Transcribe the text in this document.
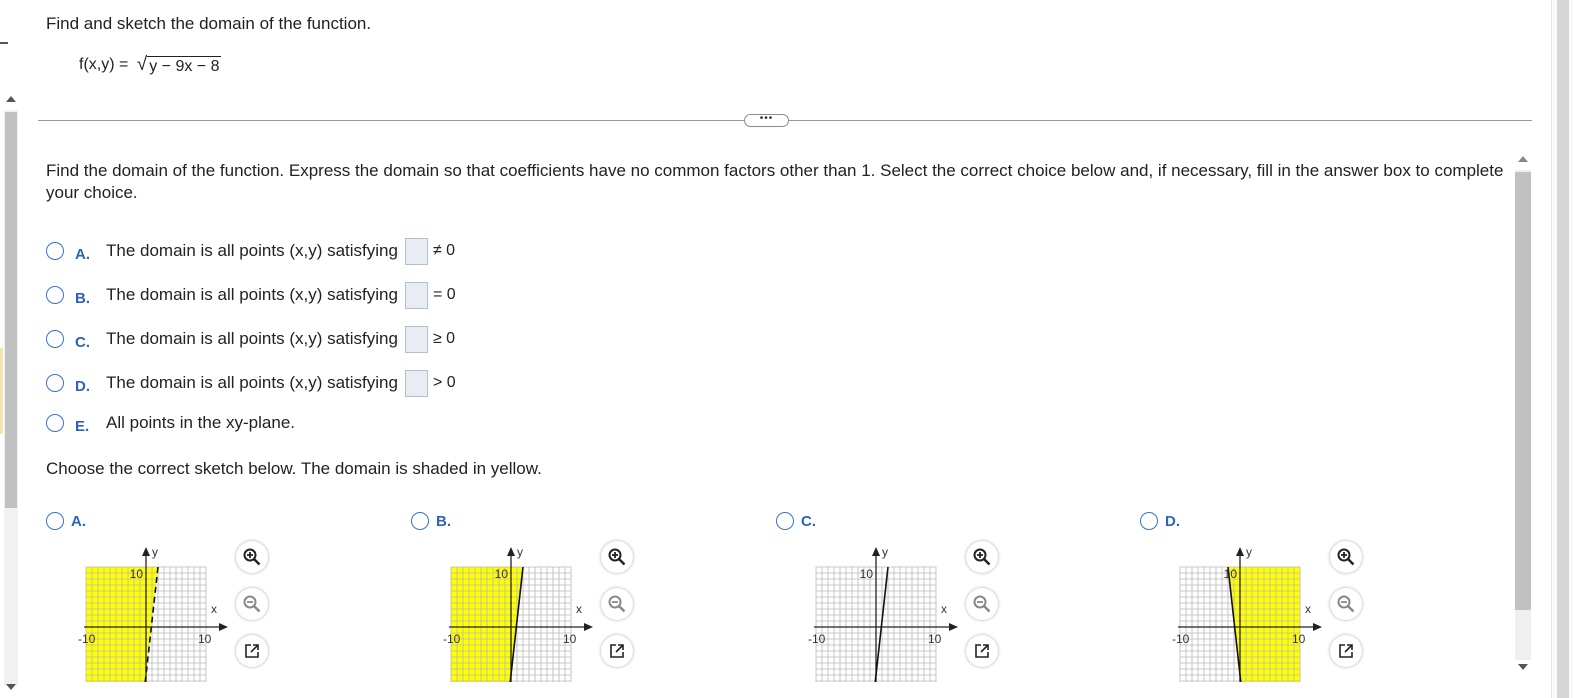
Find and sketch the domain of the function.
f(x,y) = √ y − 9x − 8
•••
Find the domain of the function. Express the domain so that coefficients have no common factors other than 1. Select the correct choice below and, if necessary, fill in the answer box to complete your choice.
A. The domain is all points (x,y) satisfying ≠ 0
B. The domain is all points (x,y) satisfying = 0
C. The domain is all points (x,y) satisfying ≥ 0
D. The domain is all points (x,y) satisfying > 0
E. All points in the xy-plane.
Choose the correct sketch below. The domain is shaded in yellow.
A.
y
x
10
-10	10
B.
y
x
10
-10	10
C.
y
x
10
-10	10
D.
y
x
10
-10	10
